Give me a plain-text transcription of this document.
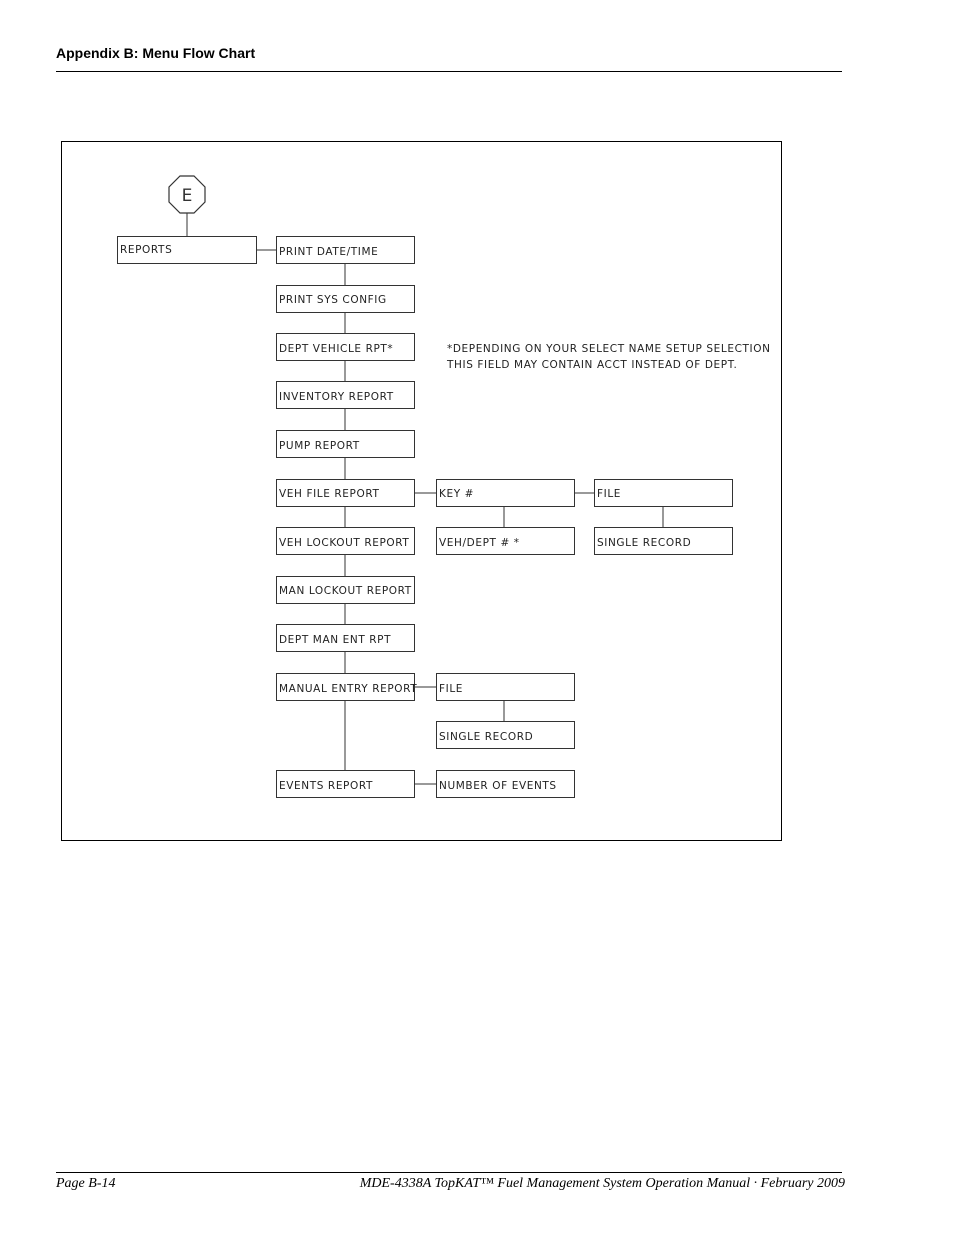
Appendix B: Menu Flow Chart
E
REPORTS	PRINT DATE/TIME
PRINT SYS CONFIG
DEPT VEHICLE RPT*
INVENTORY REPORT
PUMP REPORT
VEH FILE REPORT
VEH LOCKOUT REPORT
MAN LOCKOUT REPORT
DEPT MAN ENT RPT
MANUAL ENTRY REPORT
EVENTS REPORT
KEY #
VEH/DEPT # *
FILE
SINGLE RECORD
FILE
SINGLE RECORD
NUMBER OF EVENTS
*DEPENDING ON YOUR SELECT NAME SETUP SELECTION
THIS FIELD MAY CONTAIN ACCT INSTEAD OF DEPT.
Page B-14	MDE-4338A TopKAT™ Fuel Management System Operation Manual · February 2009
